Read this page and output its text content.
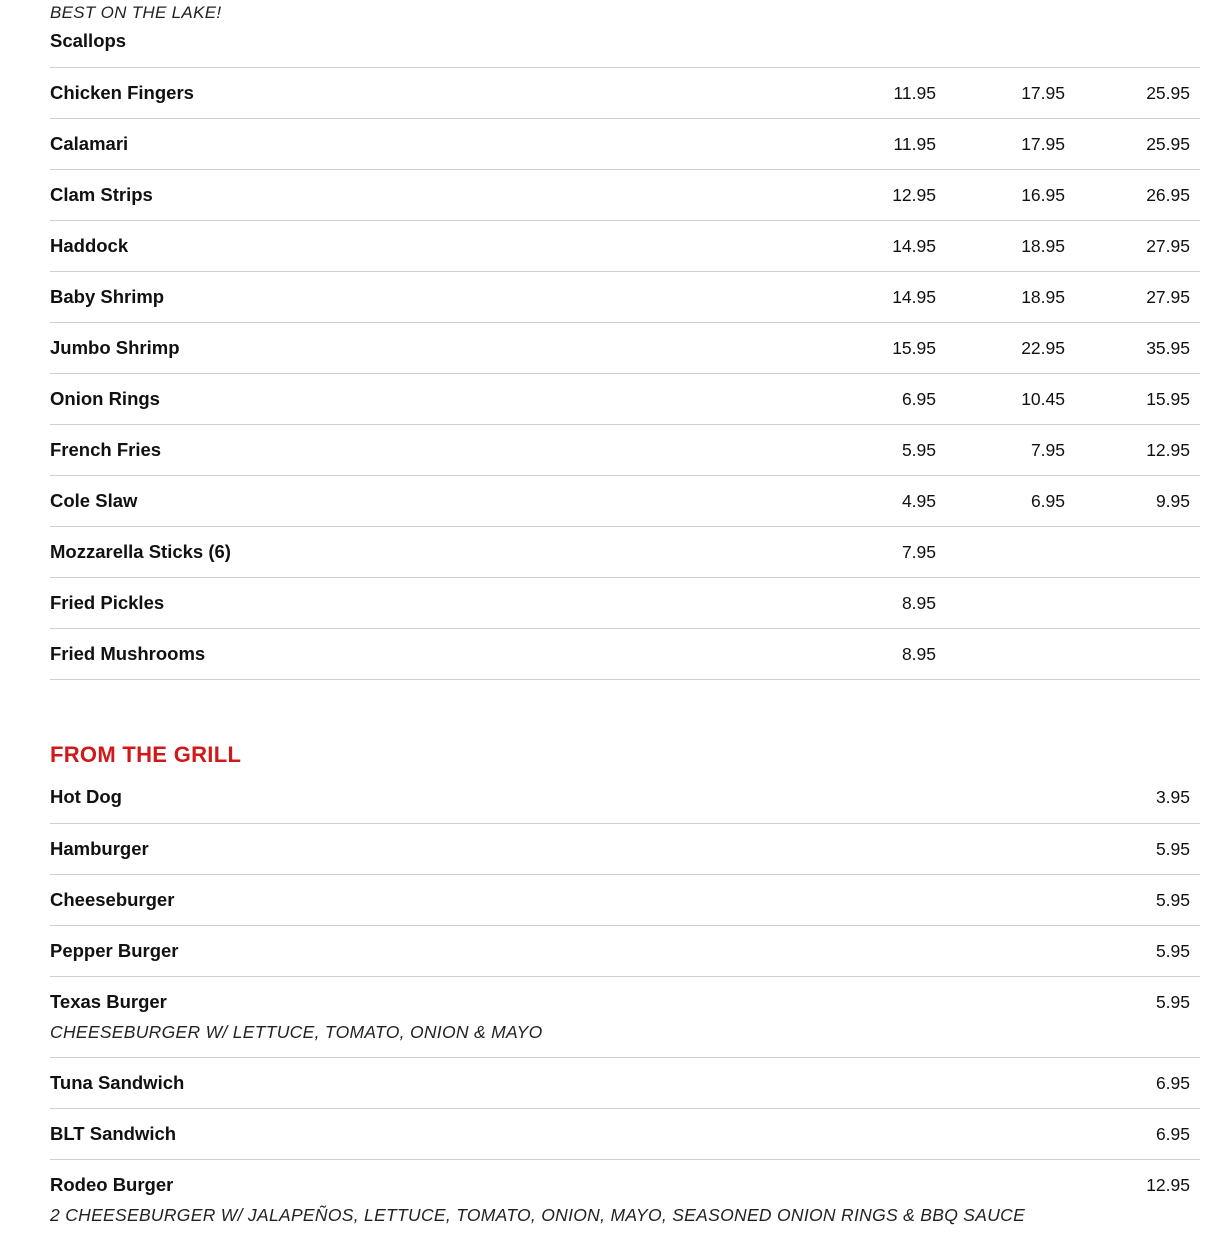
BEST ON THE LAKE!

Scallops
Chicken Fingers	11.95	17.95	25.95
Calamari	11.95	17.95	25.95
Clam Strips	12.95	16.95	26.95
Haddock	14.95	18.95	27.95
Baby Shrimp	14.95	18.95	27.95
Jumbo Shrimp	15.95	22.95	35.95
Onion Rings	6.95	10.45	15.95
French Fries	5.95	7.95	12.95
Cole Slaw	4.95	6.95	9.95
Mozzarella Sticks (6)	7.95
Fried Pickles	8.95
Fried Mushrooms	8.95
FROM THE GRILL
Hot Dog	3.95
Hamburger	5.95
Cheeseburger	5.95
Pepper Burger	5.95
Texas Burger	5.95
CHEESEBURGER W/ LETTUCE, TOMATO, ONION & MAYO
Tuna Sandwich	6.95
BLT Sandwich	6.95
Rodeo Burger	12.95
2 CHEESEBURGER W/ JALAPEÑOS, LETTUCE, TOMATO, ONION, MAYO, SEASONED ONION RINGS & BBQ SAUCE
